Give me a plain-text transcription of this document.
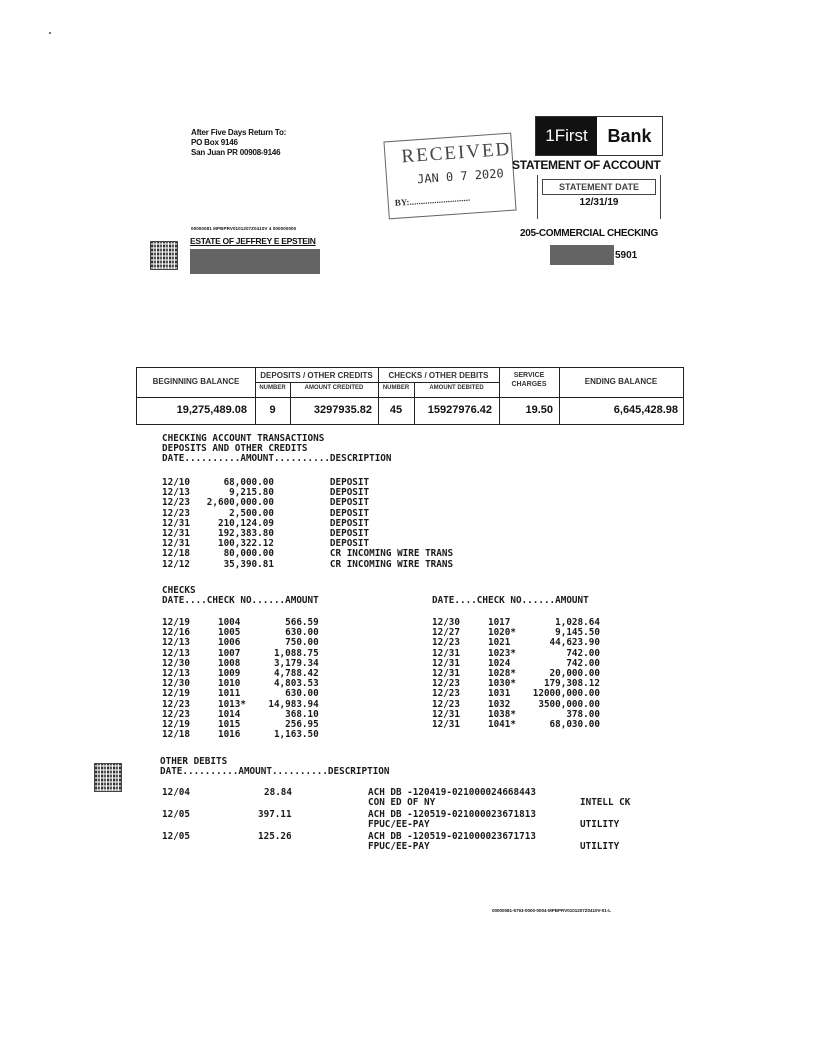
After Five Days Return To:
PO Box 9146
San Juan PR 00908-9146
00000081 MPBPRV0101207Z0410V 4 000000000
ESTATE OF JEFFREY E EPSTEIN
RECEIVED
JAN 0 7 2020
BY:...........................
1First	Bank
STATEMENT OF ACCOUNT
STATEMENT DATE
12/31/19
205-COMMERCIAL CHECKING
5901
BEGINNING BALANCE
DEPOSITS / OTHER CREDITS
NUMBER	AMOUNT CREDITED
CHECKS / OTHER DEBITS
NUMBER	AMOUNT DEBITED
SERVICE
CHARGES	ENDING BALANCE
19,275,489.08	9	3297935.82	45	15927976.42	19.50	6,645,428.98
CHECKING ACCOUNT TRANSACTIONS
DEPOSITS AND OTHER CREDITS
DATE..........AMOUNT..........DESCRIPTION
12/10      68,000.00          DEPOSIT
12/13       9,215.80          DEPOSIT
12/23   2,600,000.00          DEPOSIT
12/23       2,500.00          DEPOSIT
12/31     210,124.09          DEPOSIT
12/31     192,383.80          DEPOSIT
12/31     100,322.12          DEPOSIT
12/18      80,000.00          CR INCOMING WIRE TRANS
12/12      35,390.81          CR INCOMING WIRE TRANS
CHECKS
DATE....CHECK NO......AMOUNT	DATE....CHECK NO......AMOUNT
12/19     1004        566.59
12/16     1005        630.00
12/13     1006        750.00
12/13     1007      1,088.75
12/30     1008      3,179.34
12/13     1009      4,788.42
12/30     1010      4,803.53
12/19     1011        630.00
12/23     1013*    14,983.94
12/23     1014        368.10
12/19     1015        256.95
12/18     1016      1,163.50
12/30     1017        1,028.64
12/27     1020*       9,145.50
12/23     1021       44,623.90
12/31     1023*         742.00
12/31     1024          742.00
12/31     1028*      20,000.00
12/23     1030*     179,308.12
12/23     1031    12000,000.00
12/23     1032     3500,000.00
12/31     1038*         378.00
12/31     1041*      68,030.00
OTHER DEBITS
DATE..........AMOUNT..........DESCRIPTION
12/04	28.84	ACH DB -120419-021000024668443
CON ED OF NY	INTELL CK
12/05	397.11	ACH DB -120519-021000023671813
FPUC/EE-PAY	UTILITY
12/05	125.26	ACH DB -120519-021000023671713
FPUC/EE-PAY	UTILITY
00000081-5793-0000-0004-MPBPRV0101207Z0410V-01-L
